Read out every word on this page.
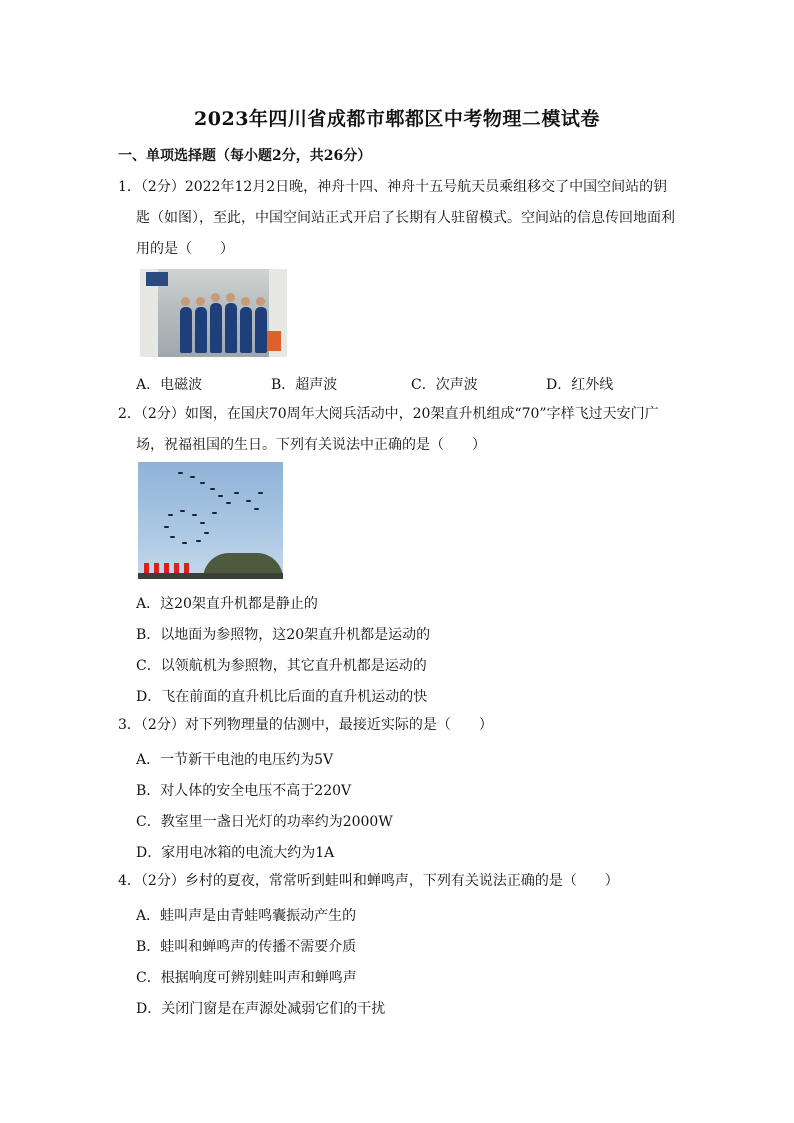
2023年四川省成都市郫都区中考物理二模试卷
一、单项选择题（每小题2分，共26分）
1．（2分）2022年12月2日晚，神舟十四、神舟十五号航天员乘组移交了中国空间站的钥
匙（如图），至此，中国空间站正式开启了长期有人驻留模式。空间站的信息传回地面利
用的是（　　）
A．电磁波	B．超声波	C．次声波	D．红外线
2．（2分）如图，在国庆70周年大阅兵活动中，20架直升机组成“70”字样飞过天安门广
场，祝福祖国的生日。下列有关说法中正确的是（　　）
A．这20架直升机都是静止的
B．以地面为参照物，这20架直升机都是运动的
C．以领航机为参照物，其它直升机都是运动的
D．飞在前面的直升机比后面的直升机运动的快
3．（2分）对下列物理量的估测中，最接近实际的是（　　）
A．一节新干电池的电压约为5V
B．对人体的安全电压不高于220V
C．教室里一盏日光灯的功率约为2000W
D．家用电冰箱的电流大约为1A
4．（2分）乡村的夏夜，常常听到蛙叫和蝉鸣声，下列有关说法正确的是（　　）
A．蛙叫声是由青蛙鸣囊振动产生的
B．蛙叫和蝉鸣声的传播不需要介质
C．根据响度可辨别蛙叫声和蝉鸣声
D．关闭门窗是在声源处减弱它们的干扰
